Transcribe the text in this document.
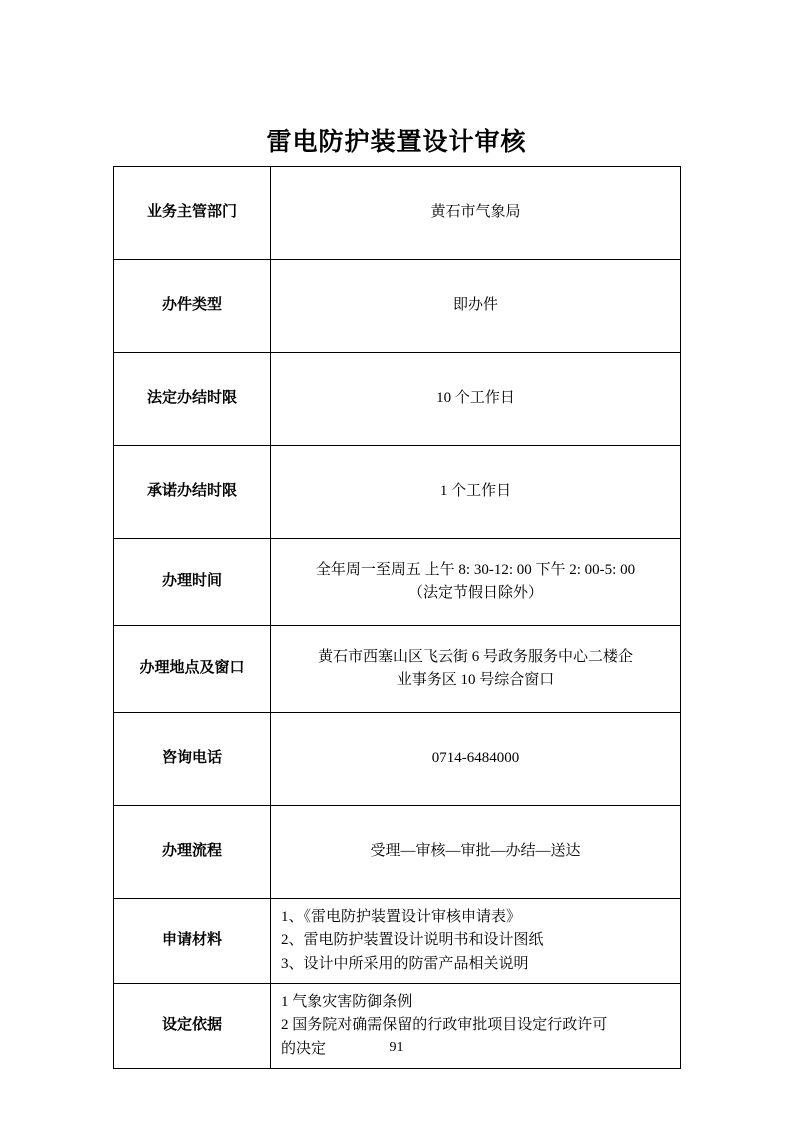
雷电防护装置设计审核
业务主管部门	黄石市气象局

办件类型	即办件

法定办结时限	10 个工作日

承诺办结时限	1 个工作日

办理时间	全年周一至周五 上午 8: 30-12: 00 下午 2: 00-5: 00
（法定节假日除外）

办理地点及窗口	黄石市西塞山区飞云街 6 号政务服务中心二楼企
业事务区 10 号综合窗口

咨询电话	0714-6484000

办理流程	受理—审核—审批—办结—送达

申请材料	1、《雷电防护装置设计审核申请表》
2、雷电防护装置设计说明书和设计图纸
3、设计中所采用的防雷产品相关说明

设定依据	1 气象灾害防御条例
2 国务院对确需保留的行政审批项目设定行政许可
的决定	91
